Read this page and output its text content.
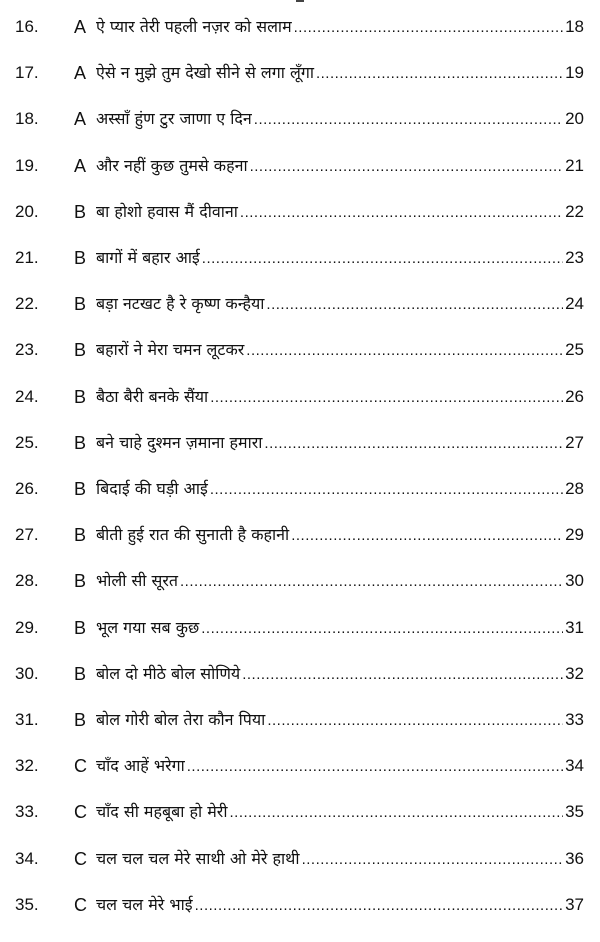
16.	A ऐ प्यार तेरी पहली नज़र को सलाम .....	18
17.	A ऐसे न मुझे तुम देखो सीने से लगा लूँगा .....	19
18.	A अस्साँ हुंण टुर जाणा ए दिन .....	20
19.	A और नहीं कुछ तुमसे कहना .....	21
20.	B बा होशो हवास मैं दीवाना .....	22
21.	B बागों में बहार आई .....	23
22.	B बड़ा नटखट है रे कृष्ण कन्हैया .....	24
23.	B बहारों ने मेरा चमन लूटकर .....	25
24.	B बैठा बैरी बनके सैंया .....	26
25.	B बने चाहे दुश्मन ज़माना हमारा .....	27
26.	B बिदाई की घड़ी आई .....	28
27.	B बीती हुई रात की सुनाती है कहानी .....	29
28.	B भोली सी सूरत .....	30
29.	B भूल गया सब कुछ .....	31
30.	B बोल दो मीठे बोल सोणिये .....	32
31.	B बोल गोरी बोल तेरा कौन पिया .....	33
32.	C चाँद आहें भरेगा .....	34
33.	C चाँद सी महबूबा हो मेरी .....	35
34.	C चल चल चल मेरे साथी ओ मेरे हाथी .....	36
35.	C चल चल मेरे भाई .....	37
